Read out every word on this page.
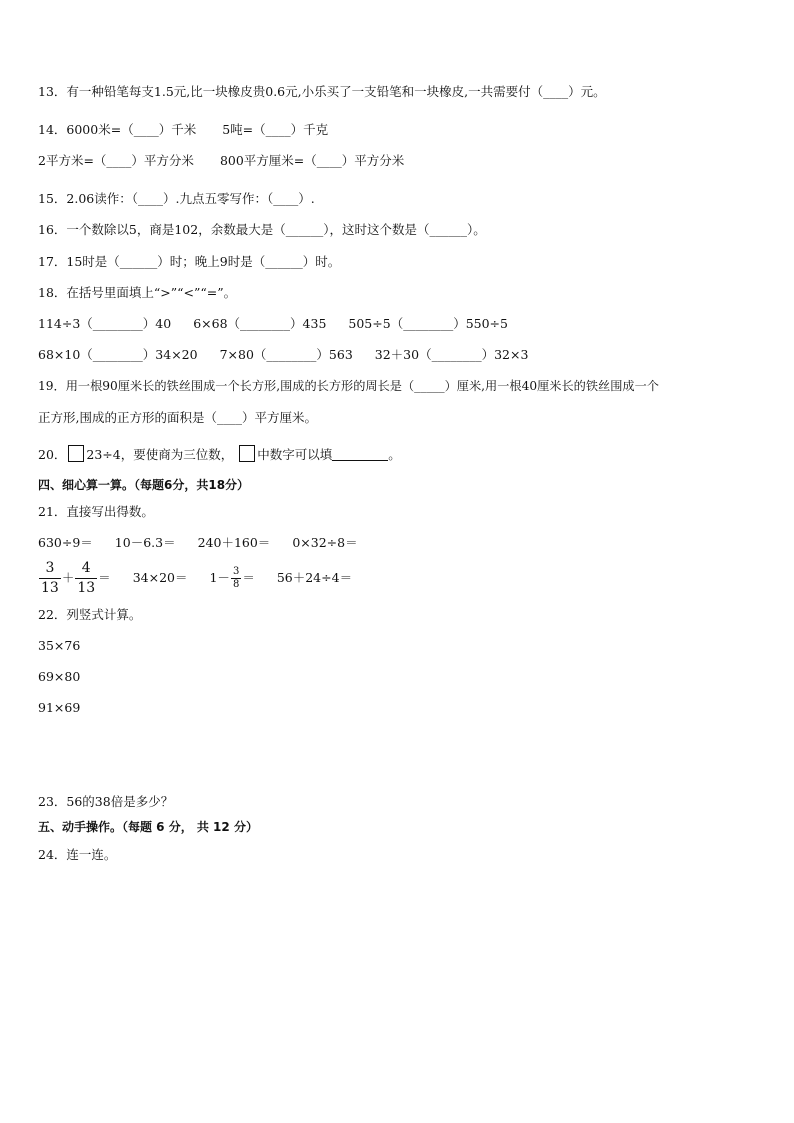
13．有一种铅笔每支1.5元,比一块橡皮贵0.6元,小乐买了一支铅笔和一块橡皮,一共需要付（____）元。
14．6000米=（____）千米 5吨=（____）千克
2平方米=（____）平方分米 800平方厘米=（____）平方分米
15．2.06读作：（____）.九点五零写作：（____）.
16．一个数除以5，商是102，余数最大是（______），这时这个数是（______）。
17．15时是（______）时；晚上9时是（______）时。
18．在括号里面填上“>”“<”“=”。
114÷3（________）40 6×68（________）435 505÷5（________）550÷5
68×10（________）34×20 7×80（________）563 32＋30（________）32×3
19．用一根90厘米长的铁丝围成一个长方形,围成的长方形的周长是（_____）厘米,用一根40厘米长的铁丝围成一个
正方形,围成的正方形的面积是（____）平方厘米。
20． 23÷4，要使商为三位数， 中数字可以填	。
四、细心算一算。（每题6分，共18分）
21．直接写出得数。
630÷9＝ 10－6.3＝ 240＋160＝ 0×32÷8＝
$\frac{3}{13} + \frac{4}{13} = 34\times 20= 1- \frac{3}{8} = 56+24\div 4=$
22．列竖式计算。
35×76
69×80
91×69
23．56的38倍是多少？
五、动手操作。（每题 6 分， 共 12 分）
24．连一连。
